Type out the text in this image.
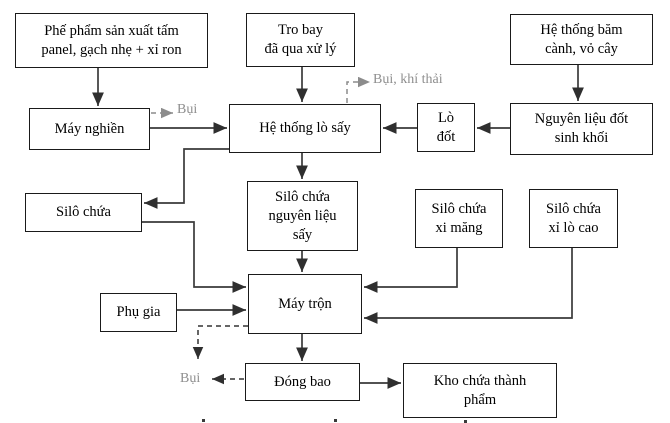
Phế phẩm sản xuất tấm
panel, gạch nhẹ + xỉ ron
Tro bay
đã qua xử lý
Hệ thống băm
cành, vỏ cây
Máy nghiền	Hệ thống lò sấy
Lò
đốt
Nguyên liệu đốt
sinh khối
Silô chứa
Silô chứa
nguyên liệu
sấy
Silô chứa
xi măng
Silô chứa
xỉ lò cao
Phụ gia
Máy trộn
Đóng bao	Kho chứa thành
phẩm
Bụi
Bụi, khí thải
Bụi
